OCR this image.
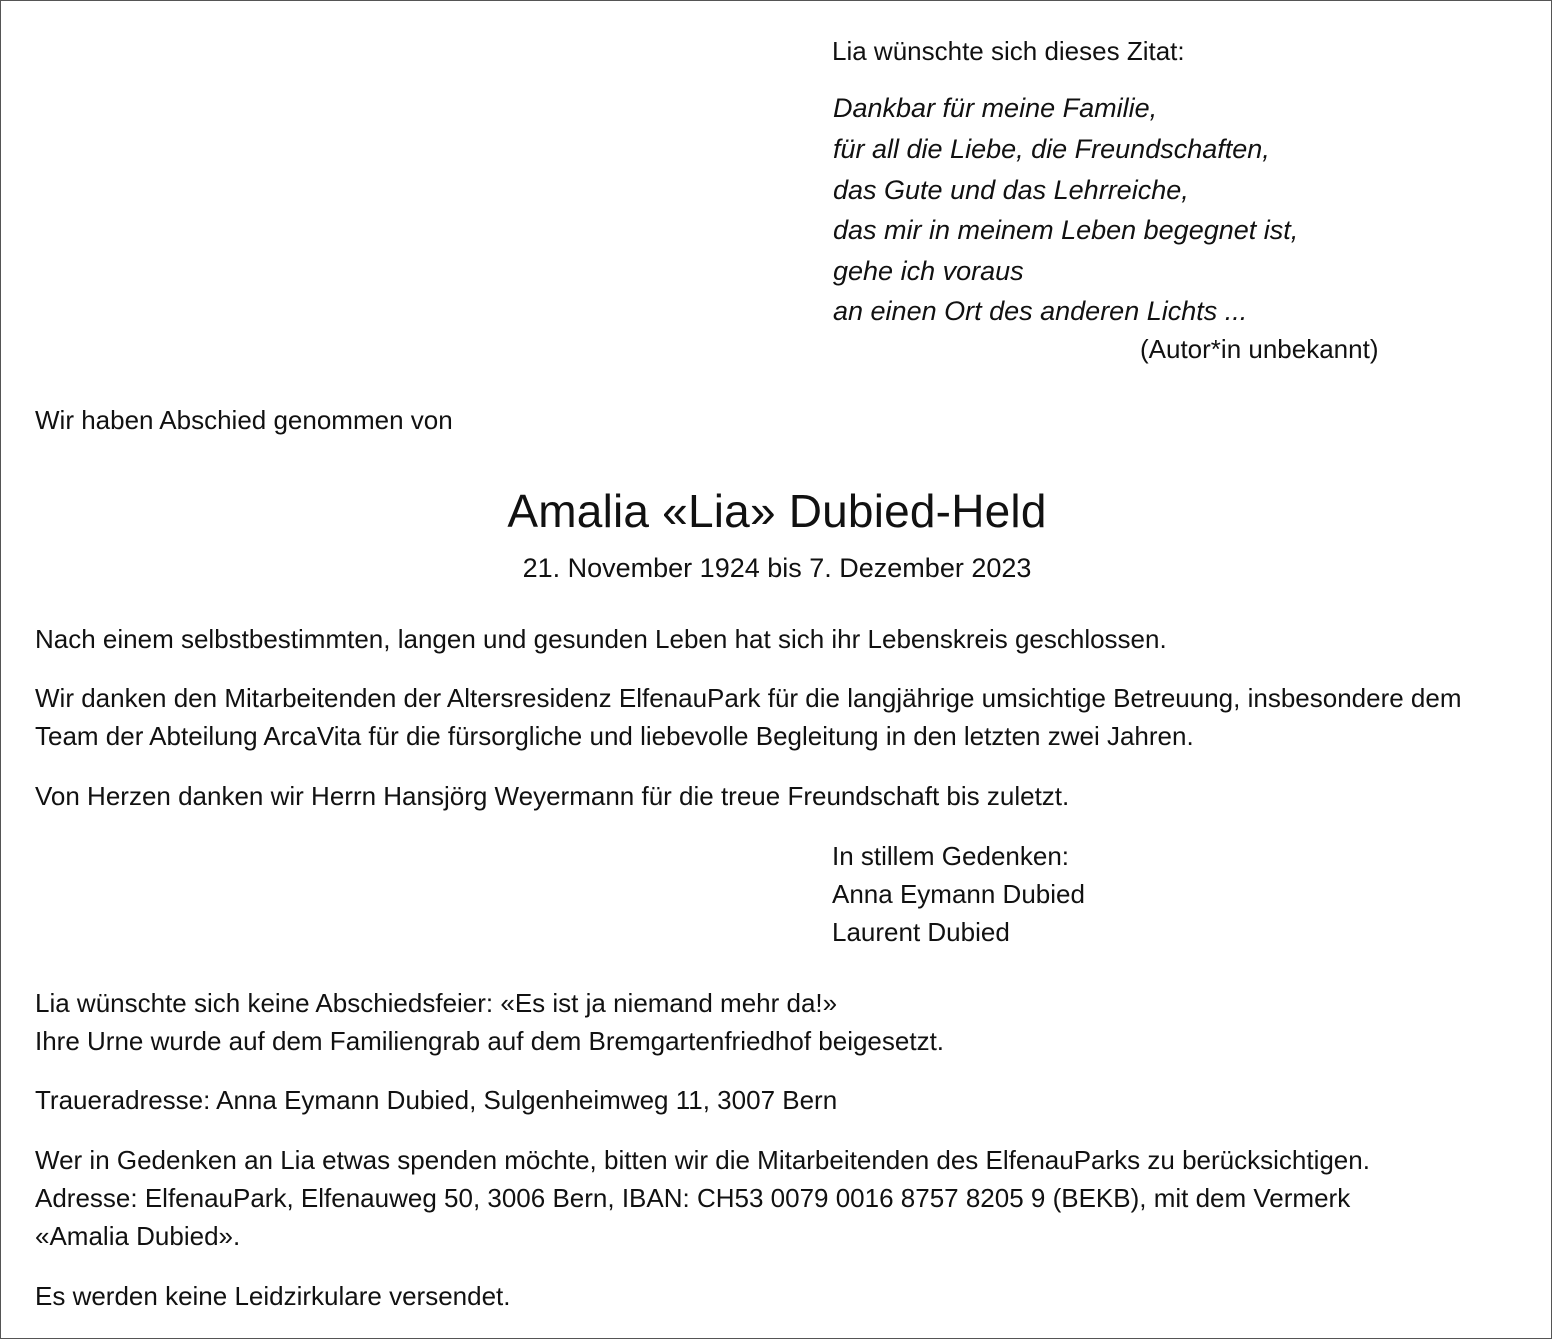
Lia wünschte sich dieses Zitat:
Dankbar für meine Familie,
für all die Liebe, die Freundschaften,
das Gute und das Lehrreiche,
das mir in meinem Leben begegnet ist,
gehe ich voraus
an einen Ort des anderen Lichts ...
(Autor*in unbekannt)
Wir haben Abschied genommen von
Amalia «Lia» Dubied-Held
21. November 1924 bis 7. Dezember 2023
Nach einem selbstbestimmten, langen und gesunden Leben hat sich ihr Lebenskreis geschlossen.
Wir danken den Mitarbeitenden der Altersresidenz ElfenauPark für die langjährige umsichtige Betreuung, insbesondere dem
Team der Abteilung ArcaVita für die fürsorgliche und liebevolle Begleitung in den letzten zwei Jahren.
Von Herzen danken wir Herrn Hansjörg Weyermann für die treue Freundschaft bis zuletzt.
In stillem Gedenken:
Anna Eymann Dubied
Laurent Dubied
Lia wünschte sich keine Abschiedsfeier: «Es ist ja niemand mehr da!»
Ihre Urne wurde auf dem Familiengrab auf dem Bremgartenfriedhof beigesetzt.
Traueradresse: Anna Eymann Dubied, Sulgenheimweg 11, 3007 Bern
Wer in Gedenken an Lia etwas spenden möchte, bitten wir die Mitarbeitenden des ElfenauParks zu berücksichtigen.
Adresse: ElfenauPark, Elfenauweg 50, 3006 Bern, IBAN: CH53 0079 0016 8757 8205 9 (BEKB), mit dem Vermerk
«Amalia Dubied».
Es werden keine Leidzirkulare versendet.
